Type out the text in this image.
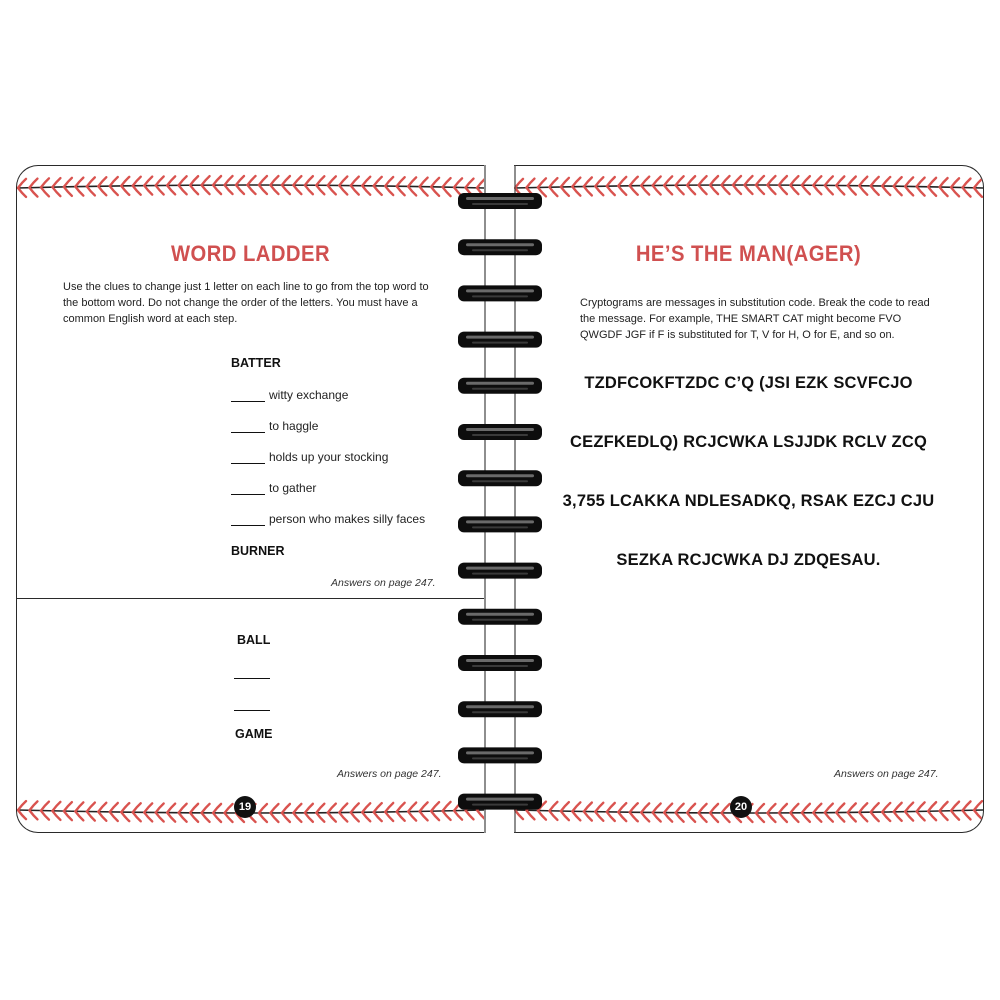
WORD LADDER
Use the clues to change just 1 letter on each line to go from the top word to the bottom word. Do not change the order of the letters. You must have a common English word at each step.
BATTER
witty exchange
to haggle
holds up your stocking
to gather
person who makes silly faces
BURNER
Answers on page 247.
BALL
GAME
Answers on page 247.
19
HE’S THE MAN(AGER)
Cryptograms are messages in substitution code. Break the code to read the message. For example, THE SMART CAT might become FVO QWGDF JGF if F is substituted for T, V for H, O for E, and so on.
TZDFCOKFTZDC C’Q (JSI EZK SCVFCJO
CEZFKEDLQ) RCJCWKA LSJJDK RCLV ZCQ
3,755 LCAKKA NDLESADKQ, RSAK EZCJ CJU
SEZKA RCJCWKA DJ ZDQESAU.
Answers on page 247.
20
